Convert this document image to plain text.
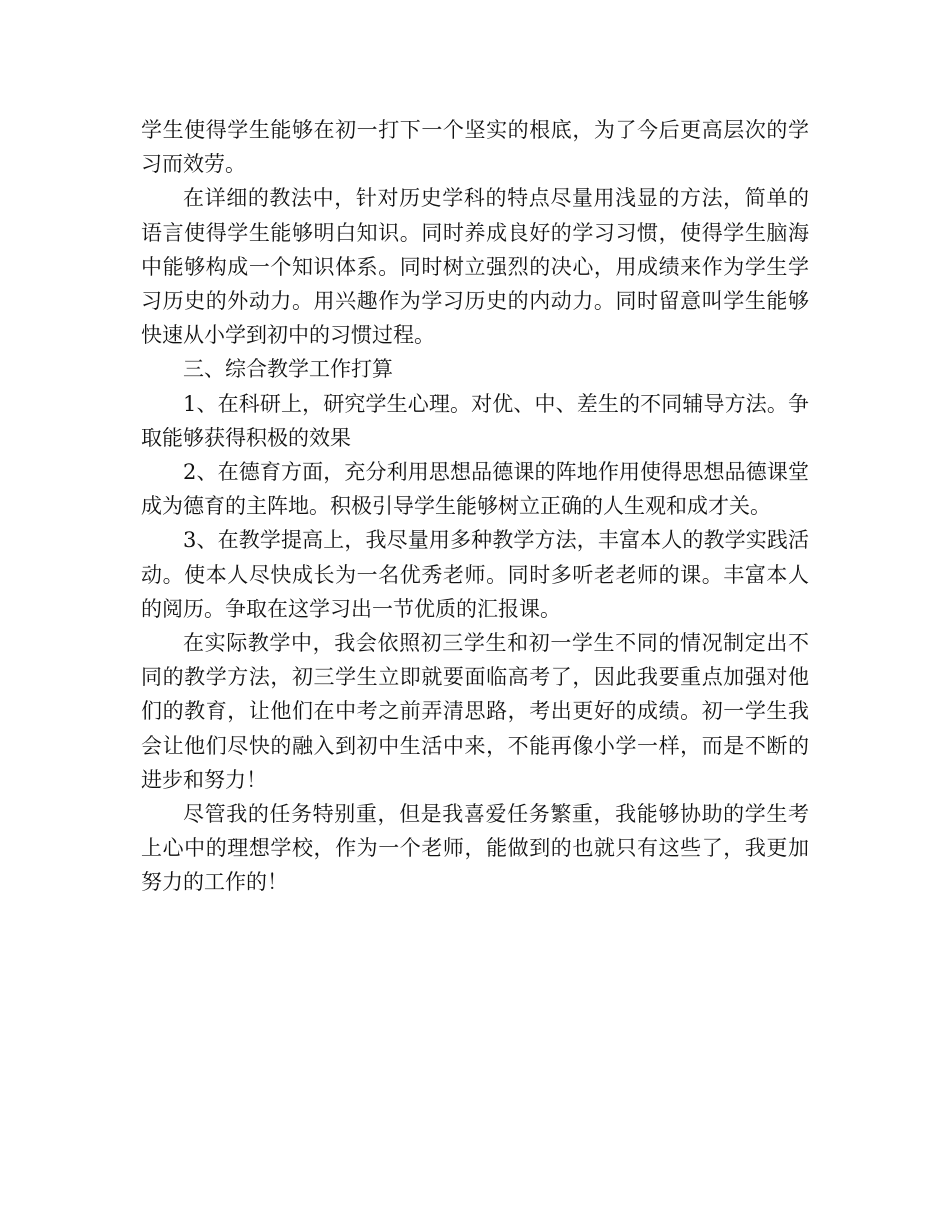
学生使得学生能够在初一打下一个坚实的根底，为了今后更高层次的学习而效劳。

在详细的教法中，针对历史学科的特点尽量用浅显的方法，简单的语言使得学生能够明白知识。同时养成良好的学习习惯，使得学生脑海中能够构成一个知识体系。同时树立强烈的决心，用成绩来作为学生学习历史的外动力。用兴趣作为学习历史的内动力。同时留意叫学生能够快速从小学到初中的习惯过程。

三、综合教学工作打算

1、在科研上，研究学生心理。对优、中、差生的不同辅导方法。争取能够获得积极的效果

2、在德育方面，充分利用思想品德课的阵地作用使得思想品德课堂成为德育的主阵地。积极引导学生能够树立正确的人生观和成才关。

3、在教学提高上，我尽量用多种教学方法，丰富本人的教学实践活动。使本人尽快成长为一名优秀老师。同时多听老老师的课。丰富本人的阅历。争取在这学习出一节优质的汇报课。

在实际教学中，我会依照初三学生和初一学生不同的情况制定出不同的教学方法，初三学生立即就要面临高考了，因此我要重点加强对他们的教育，让他们在中考之前弄清思路，考出更好的成绩。初一学生我会让他们尽快的融入到初中生活中来，不能再像小学一样，而是不断的进步和努力！

尽管我的任务特别重，但是我喜爱任务繁重，我能够协助的学生考上心中的理想学校，作为一个老师，能做到的也就只有这些了，我更加努力的工作的！
